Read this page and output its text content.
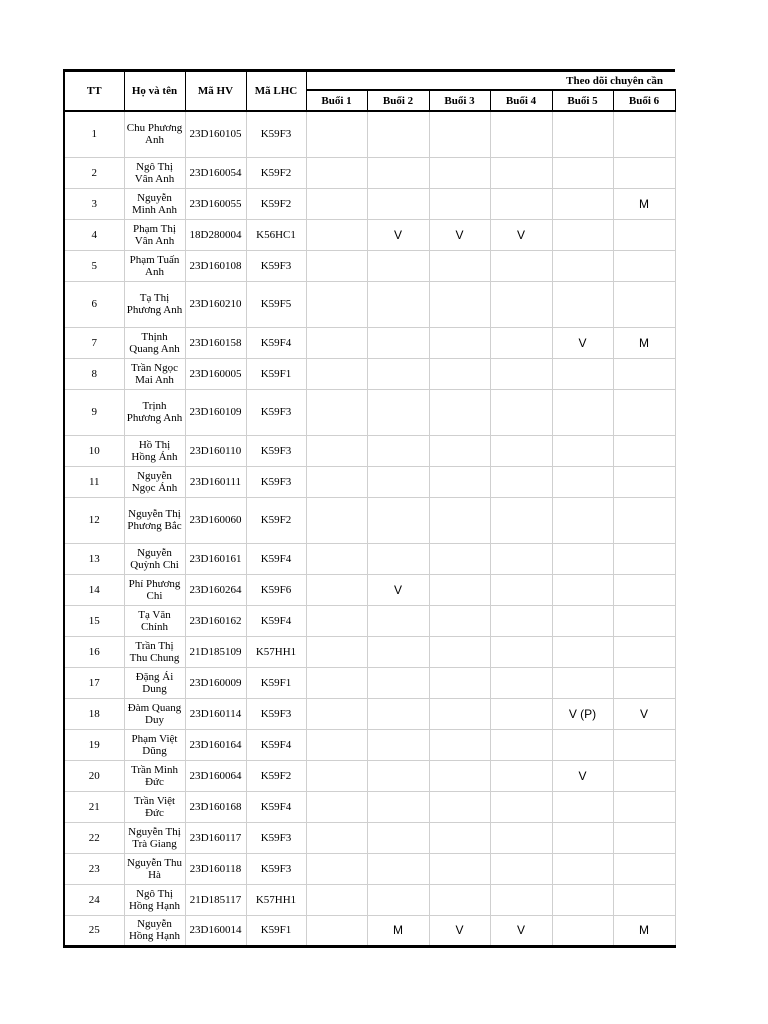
TT	Họ và tên	Mã HV	Mã LHC	Theo dõi chuyên cần					
				Buổi 1	Buổi 2	Buổi 3	Buổi 4	Buổi 5	Buổi 6
1	Chu Phương
Anh	23D160105	K59F3						
2	Ngô Thị
Vân Anh	23D160054	K59F2						
3	Nguyễn
Minh Anh	23D160055	K59F2						M
4	Phạm Thị
Vân Anh	18D280004	K56HC1		V	V	V		
5	Phạm Tuấn
Anh	23D160108	K59F3						
6	Tạ Thị
Phương Anh	23D160210	K59F5						
7	Thịnh
Quang Anh	23D160158	K59F4					V	M
8	Trần Ngọc
Mai Anh	23D160005	K59F1						
9	Trịnh
Phương Anh	23D160109	K59F3						
10	Hồ Thị
Hồng Ánh	23D160110	K59F3						
11	Nguyễn
Ngọc Ánh	23D160111	K59F3						
12	Nguyễn Thị
Phương Bắc	23D160060	K59F2						
13	Nguyễn
Quỳnh Chi	23D160161	K59F4						
14	Phí Phương
Chi	23D160264	K59F6		V				
15	Tạ Văn
Chính	23D160162	K59F4						
16	Trần Thị
Thu Chung	21D185109	K57HH1						
17	Đặng Ái
Dung	23D160009	K59F1						
18	Đàm Quang
Duy	23D160114	K59F3					V (P)	V
19	Phạm Việt
Dũng	23D160164	K59F4						
20	Trần Minh
Đức	23D160064	K59F2					V	
21	Trần Việt
Đức	23D160168	K59F4						
22	Nguyễn Thị
Trà Giang	23D160117	K59F3						
23	Nguyễn Thu
Hà	23D160118	K59F3						
24	Ngô Thị
Hồng Hạnh	21D185117	K57HH1						
25	Nguyễn
Hồng Hạnh	23D160014	K59F1		M	V	V		M
